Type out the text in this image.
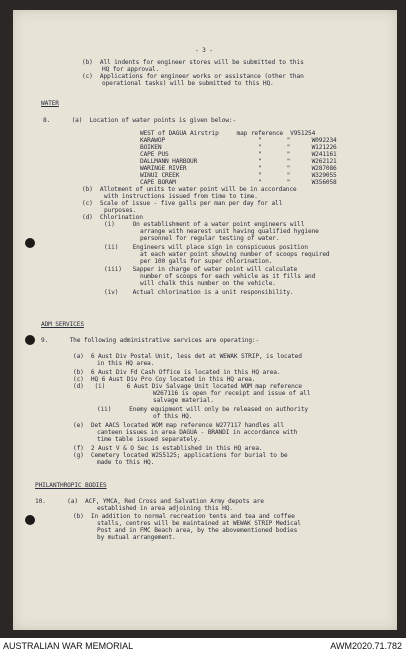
- 3 -
(b)  All indents for engineer stores will be submitted to this
HQ for approval.
(c)  Applications for engineer works or assistance (other than
operational tasks) will be submitted to this HQ.
WATER
8.      (a)  Location of water points is given below:-
WEST of DAGUA Airstrip     map reference  V951254
KARAWOP                          "       "      W092234
BOIKEN                           "       "      W121226
CAPE PUS                         "       "      W241161
DALLMANN HARBOUR                 "       "      W262121
WARINGE RIVER                    "       "      W287086
WINUI CREEK                      "       "      W329055
CAPE BORAM                       "       "      W356058
(b)  Allotment of units to water point will be in accordance
with instructions issued from time to time.
(c)  Scale of issue - five galls per man per day for all
purposes.
(d)  Chlorination
(i)     On establishment of a water point engineers will
arrange with nearest unit having qualified hygiene
personnel for regular testing of water.
(ii)    Engineers will place sign in conspicuous position
at each water point showing number of scoops required
per 100 galls for super chlorination.
(iii)   Sapper in charge of water point will calculate
number of scoops for each vehicle as it fills and
will chalk this number on the vehicle.
(iv)    Actual chlorination is a unit responsibility.
ADM SERVICES
9.      The following administrative services are operating:-
(a)  6 Aust Div Postal Unit, less det at WEWAK STRIP, is located
in this HQ area.
(b)  6 Aust Div Fd Cash Office is located in this HQ area.
(c)  HQ 6 Aust Div Pro Coy located in this HQ area.
(d)   (i)      6 Aust Div Salvage Unit located WOM map reference
W267116 is open for receipt and issue of all
salvage material.
(ii)     Enemy equipment will only be released on authority
of this HQ.
(e)  Det AACS located WOM map reference W277117 handles all
canteen issues in area DAGUA - BRANDI in accordance with
time table issued separately.
(f)  2 Aust V & O Sec is established in this HQ area.
(g)  Cemetery located W255125; applications for burial to be
made to this HQ.
PHILANTHROPIC BODIES
10.      (a)  ACF, YMCA, Red Cross and Salvation Army depots are
established in area adjoining this HQ.
(b)  In addition to normal recreation tents and tea and coffee
stalls, centres will be maintained at WEWAK STRIP Medical
Post and in FMC Beach area, by the abovementioned bodies
by mutual arrangement.
AUSTRALIAN WAR MEMORIAL	AWM2020.71.782
